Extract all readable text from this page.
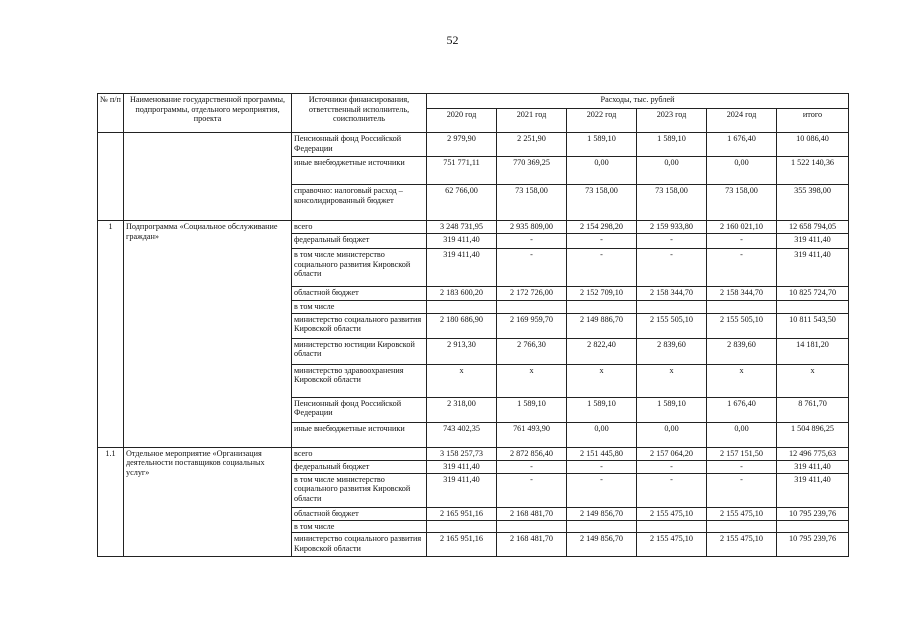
52
№ п/п	Наименование государственной программы, подпрограммы, отдельного мероприятия, проекта	Источники финансирования, ответственный исполнитель, соисполнитель	Расходы, тыс. рублей					
			2020 год	2021 год	2022 год	2023 год	2024 год	итого
		Пенсионный фонд Российской Федерации	2 979,90	2 251,90	1 589,10	1 589,10	1 676,40	10 086,40
		иные внебюджетные источники	751 771,11	770 369,25	0,00	0,00	0,00	1 522 140,36
		справочно: налоговый расход – консолидированный бюджет	62 766,00	73 158,00	73 158,00	73 158,00	73 158,00	355 398,00
1	Подпрограмма «Социальное обслуживание граждан»	всего	3 248 731,95	2 935 809,00	2 154 298,20	2 159 933,80	2 160 021,10	12 658 794,05
		федеральный бюджет	319 411,40	-	-	-	-	319 411,40
		в том числе министерство социального развития Кировской области	319 411,40	-	-	-	-	319 411,40
		областной бюджет	2 183 600,20	2 172 726,00	2 152 709,10	2 158 344,70	2 158 344,70	10 825 724,70
		в том числе						
		министерство социального развития Кировской области	2 180 686,90	2 169 959,70	2 149 886,70	2 155 505,10	2 155 505,10	10 811 543,50
		министерство юстиции Кировской области	2 913,30	2 766,30	2 822,40	2 839,60	2 839,60	14 181,20
		министерство здравоохранения Кировской области	x	x	x	x	x	x
		Пенсионный фонд Российской Федерации	2 318,00	1 589,10	1 589,10	1 589,10	1 676,40	8 761,70
		иные внебюджетные источники	743 402,35	761 493,90	0,00	0,00	0,00	1 504 896,25
1.1	Отдельное мероприятие «Организация деятельности поставщиков социальных услуг»	всего	3 158 257,73	2 872 856,40	2 151 445,80	2 157 064,20	2 157 151,50	12 496 775,63
		федеральный бюджет	319 411,40	-	-	-	-	319 411,40
		в том числе министерство социального развития Кировской области	319 411,40	-	-	-	-	319 411,40
		областной бюджет	2 165 951,16	2 168 481,70	2 149 856,70	2 155 475,10	2 155 475,10	10 795 239,76
		в том числе						
		министерство социального развития Кировской области	2 165 951,16	2 168 481,70	2 149 856,70	2 155 475,10	2 155 475,10	10 795 239,76
